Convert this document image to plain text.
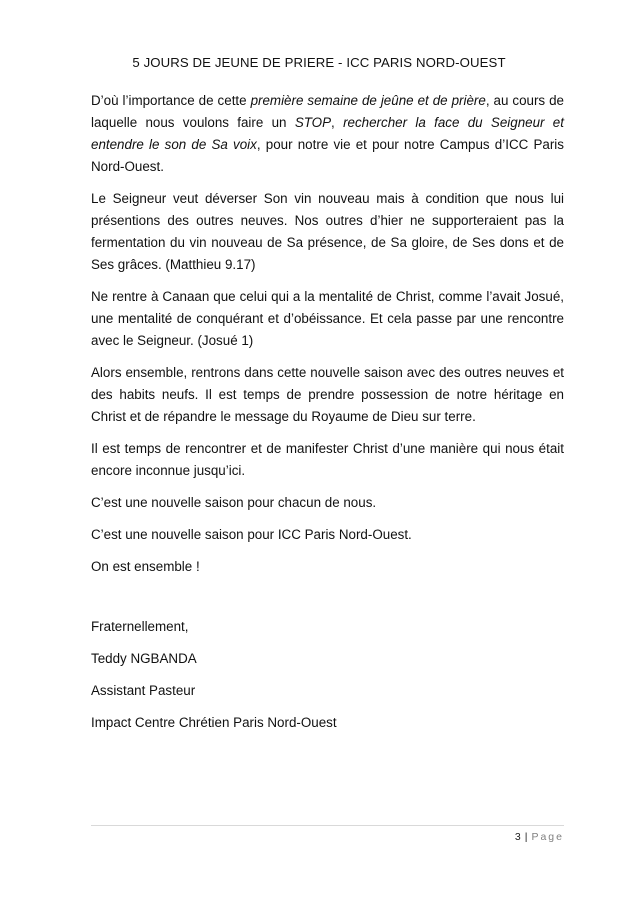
5 JOURS DE JEUNE DE PRIERE - ICC PARIS NORD-OUEST

D’où l’importance de cette première semaine de jeûne et de prière, au cours de laquelle nous voulons faire un STOP, rechercher la face du Seigneur et entendre le son de Sa voix, pour notre vie et pour notre Campus d’ICC Paris Nord-Ouest.

Le Seigneur veut déverser Son vin nouveau mais à condition que nous lui présentions des outres neuves. Nos outres d’hier ne supporteraient pas la fermentation du vin nouveau de Sa présence, de Sa gloire, de Ses dons et de Ses grâces. (Matthieu 9.17)

Ne rentre à Canaan que celui qui a la mentalité de Christ, comme l’avait Josué, une mentalité de conquérant et d’obéissance. Et cela passe par une rencontre avec le Seigneur. (Josué 1)

Alors ensemble, rentrons dans cette nouvelle saison avec des outres neuves et des habits neufs. Il est temps de prendre possession de notre héritage en Christ et de répandre le message du Royaume de Dieu sur terre.

Il est temps de rencontrer et de manifester Christ d’une manière qui nous était encore inconnue jusqu’ici.

C’est une nouvelle saison pour chacun de nous.

C’est une nouvelle saison pour ICC Paris Nord-Ouest.

On est ensemble !

Fraternellement,

Teddy NGBANDA

Assistant Pasteur

Impact Centre Chrétien Paris Nord-Ouest

3 | Page
